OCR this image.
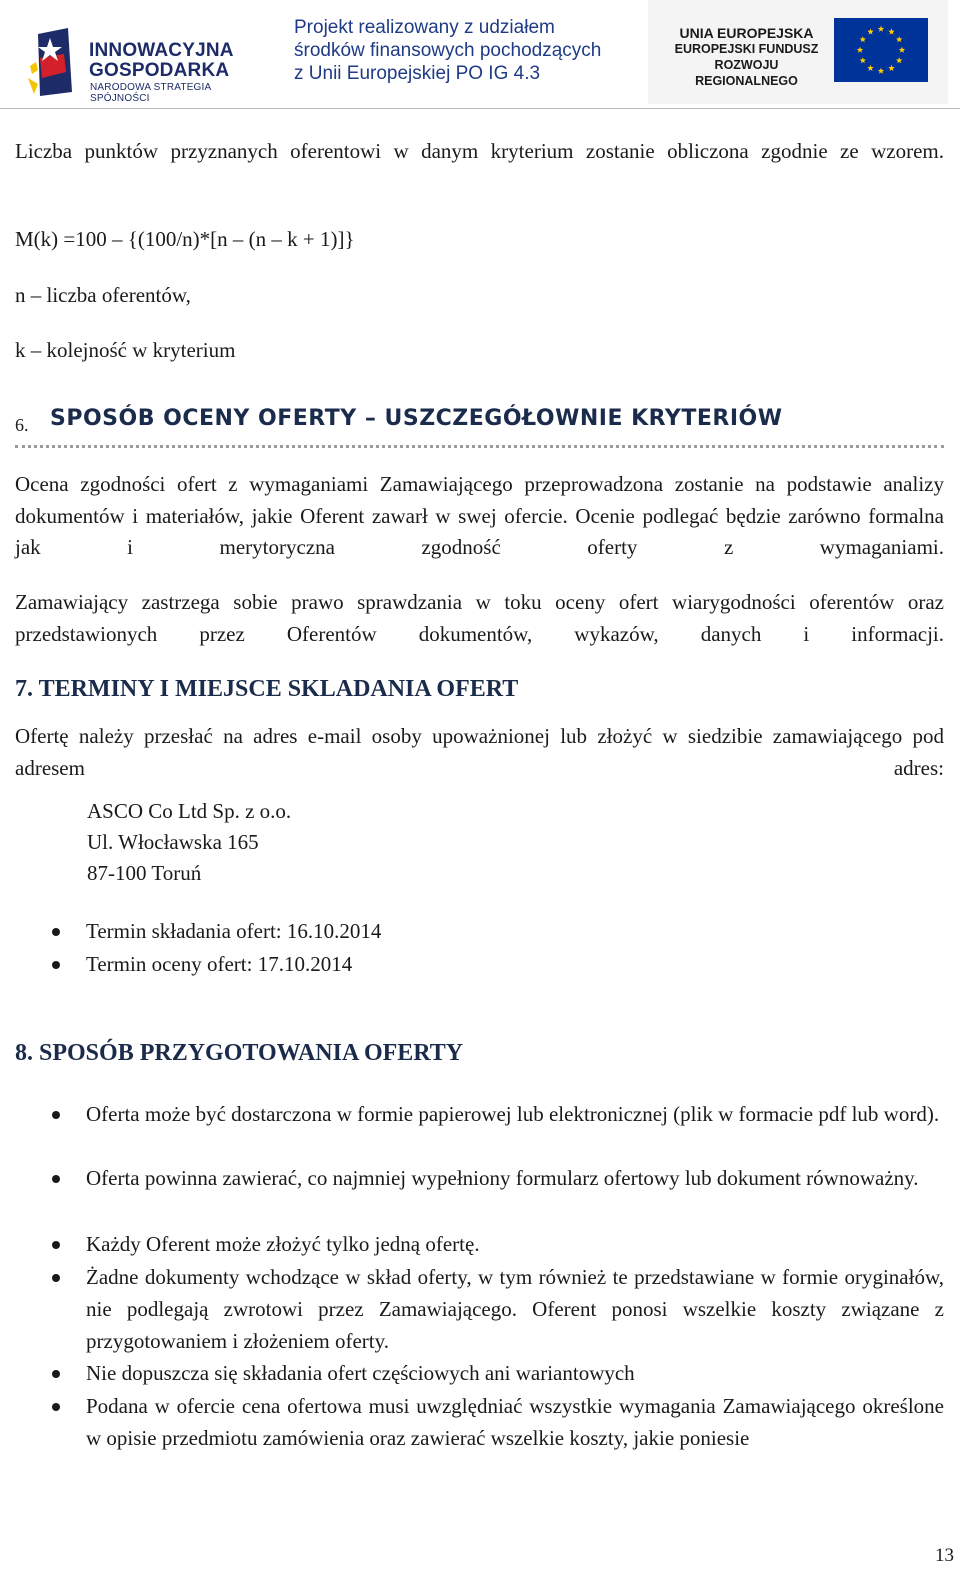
INNOWACYJNA
GOSPODARKA
NARODOWA STRATEGIA SPÓJNOŚCI
Projekt realizowany z udziałem
środków finansowych pochodzących
z Unii Europejskiej PO IG 4.3
UNIA EUROPEJSKA
EUROPEJSKI FUNDUSZ
ROZWOJU REGIONALNEGO
Liczba punktów przyznanych oferentowi w danym kryterium zostanie obliczona zgodnie ze wzorem.
M(k) =100 – {(100/n)*[n – (n – k + 1)]}
n – liczba oferentów,
k – kolejność w kryterium
6. SPOSÓB OCENY OFERTY – USZCZEGÓŁOWNIE KRYTERIÓW
Ocena zgodności ofert z wymaganiami Zamawiającego przeprowadzona zostanie na podstawie analizy dokumentów i materiałów, jakie Oferent zawarł w swej ofercie. Ocenie podlegać będzie zarówno formalna jak i merytoryczna zgodność oferty z wymaganiami.
Zamawiający zastrzega sobie prawo sprawdzania w toku oceny ofert wiarygodności oferentów oraz przedstawionych przez Oferentów dokumentów, wykazów, danych i informacji.
7. TERMINY I MIEJSCE SKLADANIA OFERT
Ofertę należy przesłać na adres e-mail osoby upoważnionej lub złożyć w siedzibie zamawiającego pod adresem adres:
ASCO Co Ltd Sp. z o.o.
Ul. Włocławska 165
87-100 Toruń
Termin składania ofert: 16.10.2014
Termin oceny ofert: 17.10.2014
8. SPOSÓB PRZYGOTOWANIA OFERTY
Oferta może być dostarczona w formie papierowej lub elektronicznej (plik w formacie pdf lub word).
Oferta powinna zawierać, co najmniej wypełniony formularz ofertowy lub dokument równoważny.
Każdy Oferent może złożyć tylko jedną ofertę.
Żadne dokumenty wchodzące w skład oferty, w tym również te przedstawiane w formie oryginałów, nie podlegają zwrotowi przez Zamawiającego. Oferent ponosi wszelkie koszty związane z przygotowaniem i złożeniem oferty.
Nie dopuszcza się składania ofert częściowych ani wariantowych
Podana w ofercie cena ofertowa musi uwzględniać wszystkie wymagania Zamawiającego określone w opisie przedmiotu zamówienia oraz zawierać wszelkie koszty, jakie poniesie
13
